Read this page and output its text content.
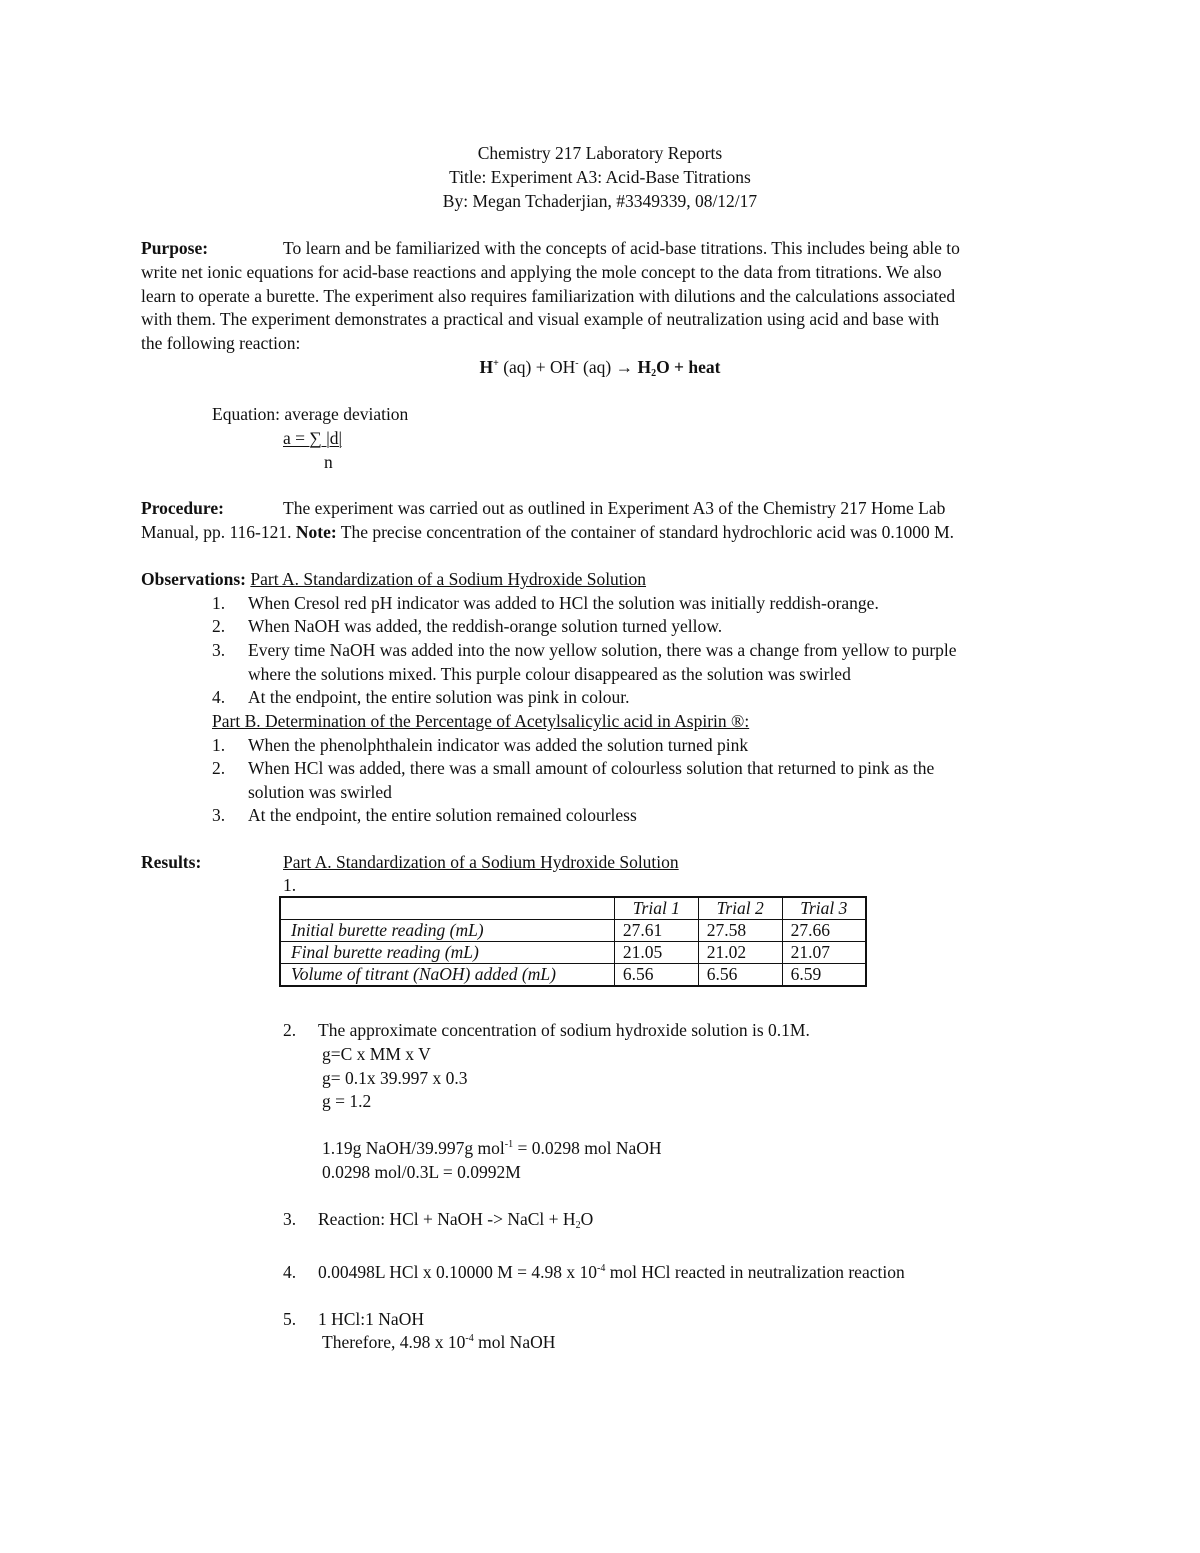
Chemistry 217 Laboratory Reports
Title: Experiment A3: Acid-Base Titrations
By: Megan Tchaderjian, #3349339, 08/12/17
Purpose:	To learn and be familiarized with the concepts of acid-base titrations. This includes being able to
write net ionic equations for acid-base reactions and applying the mole concept to the data from titrations. We also
learn to operate a burette. The experiment also requires familiarization with dilutions and the calculations associated
with them. The experiment demonstrates a practical and visual example of neutralization using acid and base with
the following reaction:
H+ (aq) + OH- $(aq) \to H_2O$ + heat
Equation: average deviation
a = ∑ |d|
n
Procedure:	The experiment was carried out as outlined in Experiment A3 of the Chemistry 217 Home Lab
Manual, pp. 116-121. Note: The precise concentration of the container of standard hydrochloric acid was 0.1000 M.
Observations: Part A. Standardization of a Sodium Hydroxide Solution
1. When Cresol red pH indicator was added to HCl the solution was initially reddish-orange.
2. When NaOH was added, the reddish-orange solution turned yellow.
3. Every time NaOH was added into the now yellow solution, there was a change from yellow to purple
where the solutions mixed. This purple colour disappeared as the solution was swirled
4. At the endpoint, the entire solution was pink in colour.
Part B. Determination of the Percentage of Acetylsalicylic acid in Aspirin ®:
1. When the phenolphthalein indicator was added the solution turned pink
2. When HCl was added, there was a small amount of colourless solution that returned to pink as the
solution was swirled
3. At the endpoint, the entire solution remained colourless
Results:	Part A. Standardization of a Sodium Hydroxide Solution
1.
	Trial 1	Trial 2	Trial 3
Initial burette reading (mL)	27.61	27.58	27.66
Final burette reading (mL)	21.05	21.02	21.07
Volume of titrant (NaOH) added (mL)	6.56	6.56	6.59
2. The approximate concentration of sodium hydroxide solution is 0.1M.
g=C x MM x V
g= 0.1x 39.997 x 0.3
g = 1.2
1.19g NaOH/39.997g mol$^{-1}$ = 0.0298 mol NaOH
0.0298 mol/0.3L = 0.0992M
3. Reaction: HCl + NaOH -> NaCl + $H_2O$
4. 0.00498L HCl x 0.10000 M = 4.98 x $10^{-4}$ mol HCl reacted in neutralization reaction
5. 1 HCl:1 NaOH
Therefore, 4.98 x $10^{-4}$ mol NaOH
